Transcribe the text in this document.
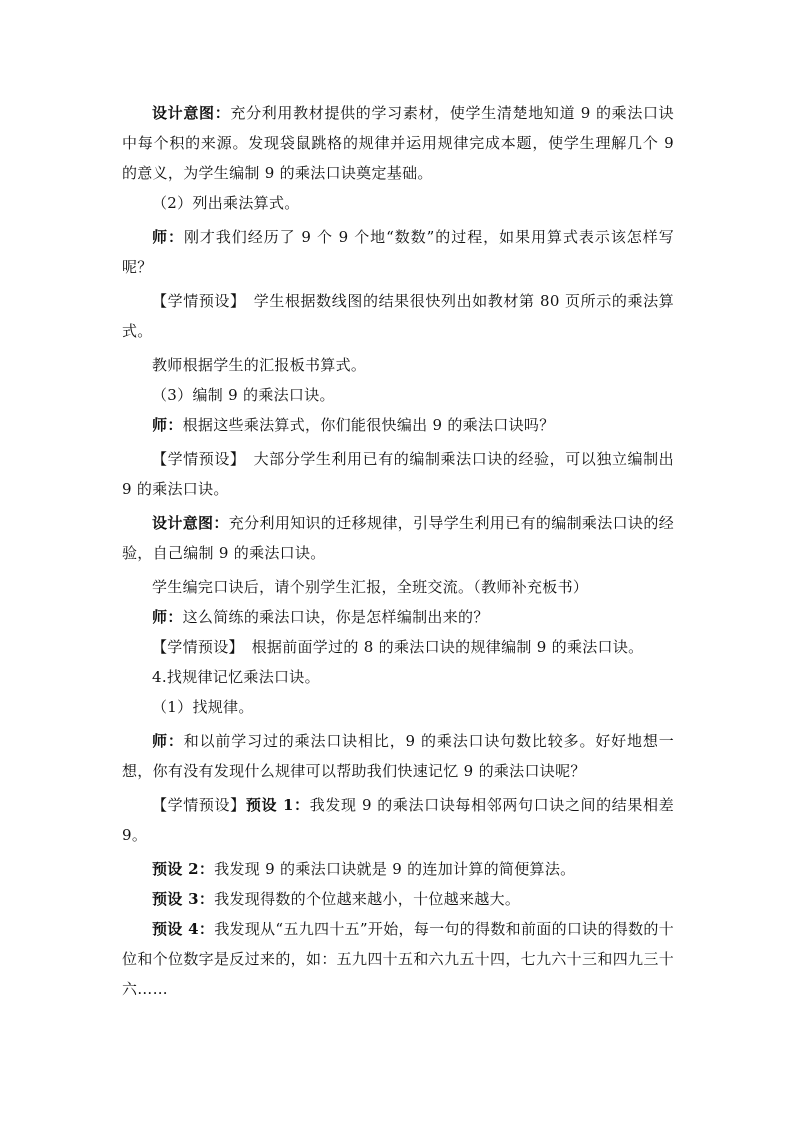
设计意图：充分利用教材提供的学习素材，使学生清楚地知道 9 的乘法口诀中每个积的来源。发现袋鼠跳格的规律并运用规律完成本题，使学生理解几个 9 的意义，为学生编制 9 的乘法口诀奠定基础。

（2）列出乘法算式。

师：刚才我们经历了 9 个 9 个地“数数”的过程，如果用算式表示该怎样写呢？

【学情预设】　学生根据数线图的结果很快列出如教材第 80 页所示的乘法算式。

教师根据学生的汇报板书算式。

（3）编制 9 的乘法口诀。

师：根据这些乘法算式，你们能很快编出 9 的乘法口诀吗？

【学情预设】　大部分学生利用已有的编制乘法口诀的经验，可以独立编制出 9 的乘法口诀。

设计意图：充分利用知识的迁移规律，引导学生利用已有的编制乘法口诀的经验，自己编制 9 的乘法口诀。

学生编完口诀后，请个别学生汇报，全班交流。（教师补充板书）

师：这么简练的乘法口诀，你是怎样编制出来的？

【学情预设】　根据前面学过的 8 的乘法口诀的规律编制 9 的乘法口诀。

4.找规律记忆乘法口诀。

（1）找规律。

师：和以前学习过的乘法口诀相比，9 的乘法口诀句数比较多。好好地想一想，你有没有发现什么规律可以帮助我们快速记忆 9 的乘法口诀呢？

【学情预设】预设 1：我发现 9 的乘法口诀每相邻两句口诀之间的结果相差 9。

预设 2：我发现 9 的乘法口诀就是 9 的连加计算的简便算法。

预设 3：我发现得数的个位越来越小，十位越来越大。

预设 4：我发现从“五九四十五”开始，每一句的得数和前面的口诀的得数的十位和个位数字是反过来的，如：五九四十五和六九五十四，七九六十三和四九三十六……
